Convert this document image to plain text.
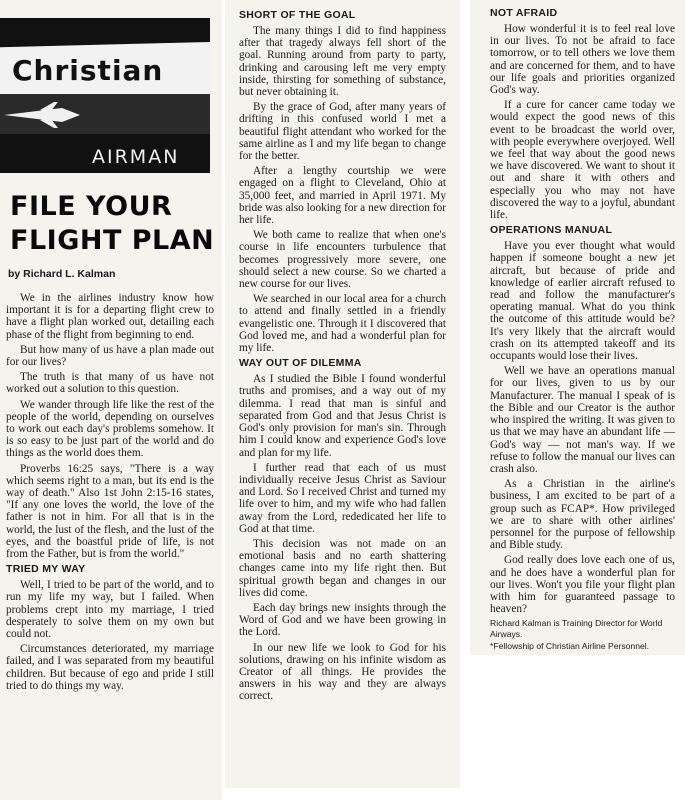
Christian
AIRMAN
FILE YOUR
FLIGHT PLAN
by Richard L. Kalman

We in the airlines industry know how important it is for a departing flight crew to have a flight plan worked out, detailing each phase of the flight from beginning to end.

But how many of us have a plan made out for our lives?

The truth is that many of us have not worked out a solution to this question.

We wander through life like the rest of the people of the world, depending on ourselves to work out each day's problems somehow. It is so easy to be just part of the world and do things as the world does them.

Proverbs 16:25 says, "There is a way which seems right to a man, but its end is the way of death." Also 1st John 2:15-16 states, "If any one loves the world, the love of the father is not in him. For all that is in the world, the lust of the flesh, and the lust of the eyes, and the boastful pride of life, is not from the Father, but is from the world."

TRIED MY WAY

Well, I tried to be part of the world, and to run my life my way, but I failed. When problems crept into my marriage, I tried desperately to solve them on my own but could not.

Circumstances deteriorated, my marriage failed, and I was separated from my beautiful children. But because of ego and pride I still tried to do things my way.

SHORT OF THE GOAL

The many things I did to find happiness after that tragedy always fell short of the goal. Running around from party to party, drinking and carousing left me very empty inside, thirsting for something of substance, but never obtaining it.

By the grace of God, after many years of drifting in this confused world I met a beautiful flight attendant who worked for the same airline as I and my life began to change for the better.

After a lengthy courtship we were engaged on a flight to Cleveland, Ohio at 35,000 feet, and married in April 1971. My bride was also looking for a new direction for her life.

We both came to realize that when one's course in life encounters turbulence that becomes progressively more severe, one should select a new course. So we charted a new course for our lives.

We searched in our local area for a church to attend and finally settled in a friendly evangelistic one. Through it I discovered that God loved me, and had a wonderful plan for my life.

WAY OUT OF DILEMMA

As I studied the Bible I found wonderful truths and promises, and a way out of my dilemma. I read that man is sinful and separated from God and that Jesus Christ is God's only provision for man's sin. Through him I could know and experience God's love and plan for my life.

I further read that each of us must individually receive Jesus Christ as Saviour and Lord. So I received Christ and turned my life over to him, and my wife who had fallen away from the Lord, rededicated her life to God at that time.

This decision was not made on an emotional basis and no earth shattering changes came into my life right then. But spiritual growth began and changes in our lives did come.

Each day brings new insights through the Word of God and we have been growing in the Lord.

In our new life we look to God for his solutions, drawing on his infinite wisdom as Creator of all things. He provides the answers in his way and they are always correct.

NOT AFRAID

How wonderful it is to feel real love in our lives. To not be afraid to face tomorrow, or to tell others we love them and are concerned for them, and to have our life goals and priorities organized God's way.

If a cure for cancer came today we would expect the good news of this event to be broadcast the world over, with people everywhere overjoyed. Well we feel that way about the good news we have discovered. We want to shout it out and share it with others and especially you who may not have discovered the way to a joyful, abundant life.

OPERATIONS MANUAL

Have you ever thought what would happen if someone bought a new jet aircraft, but because of pride and knowledge of earlier aircraft refused to read and follow the manufacturer's operating manual. What do you think the outcome of this attitude would be? It's very likely that the aircraft would crash on its attempted takeoff and its occupants would lose their lives.

Well we have an operations manual for our lives, given to us by our Manufacturer. The manual I speak of is the Bible and our Creator is the author who inspired the writing. It was given to us that we may have an abundant life — God's way — not man's way. If we refuse to follow the manual our lives can crash also.

As a Christian in the airline's business, I am excited to be part of a group such as FCAP*. How privileged we are to share with other airlines' personnel for the purpose of fellowship and Bible study.

God really does love each one of us, and he does have a wonderful plan for our lives. Won't you file your flight plan with him for guaranteed passage to heaven?

Richard Kalman is Training Director for World Airways.

*Fellowship of Christian Airline Personnel.
